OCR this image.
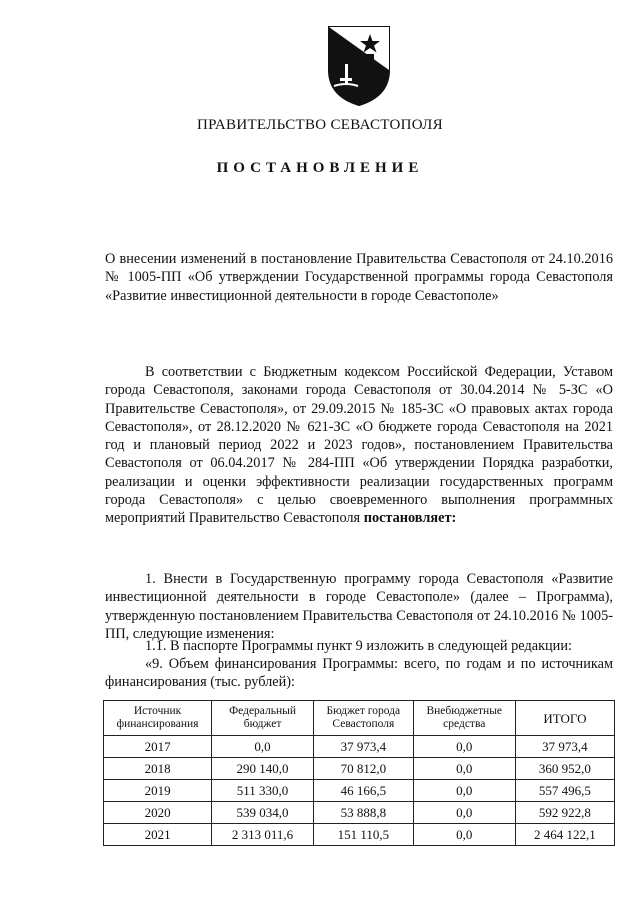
ПРАВИТЕЛЬСТВО СЕВАСТОПОЛЯ
ПОСТАНОВЛЕНИЕ
О внесении изменений в постановление Правительства Севастополя от 24.10.2016 № 1005-ПП «Об утверждении Государственной программы города Севастополя «Развитие инвестиционной деятельности в городе Севастополе»
В соответствии с Бюджетным кодексом Российской Федерации, Уставом города Севастополя, законами города Севастополя от 30.04.2014 № 5-ЗС «О Правительстве Севастополя», от 29.09.2015 № 185-ЗС «О правовых актах города Севастополя», от 28.12.2020 № 621-ЗС «О бюджете города Севастополя на 2021 год и плановый период 2022 и 2023 годов», постановлением Правительства Севастополя от 06.04.2017 № 284-ПП «Об утверждении Порядка разработки, реализации и оценки эффективности реализации государственных программ города Севастополя» с целью своевременного выполнения программных мероприятий Правительство Севастополя постановляет:
1. Внести в Государственную программу города Севастополя «Развитие инвестиционной деятельности в городе Севастополе» (далее – Программа), утвержденную постановлением Правительства Севастополя от 24.10.2016 № 1005-ПП, следующие изменения:
1.1. В паспорте Программы пункт 9 изложить в следующей редакции:
«9. Объем финансирования Программы: всего, по годам и по источникам финансирования (тыс. рублей):
Источник финансирования	Федеральный бюджет	Бюджет города Севастополя	Внебюджетные средства	ИТОГО
2017	0,0	37 973,4	0,0	37 973,4
2018	290 140,0	70 812,0	0,0	360 952,0
2019	511 330,0	46 166,5	0,0	557 496,5
2020	539 034,0	53 888,8	0,0	592 922,8
2021	2 313 011,6	151 110,5	0,0	2 464 122,1
